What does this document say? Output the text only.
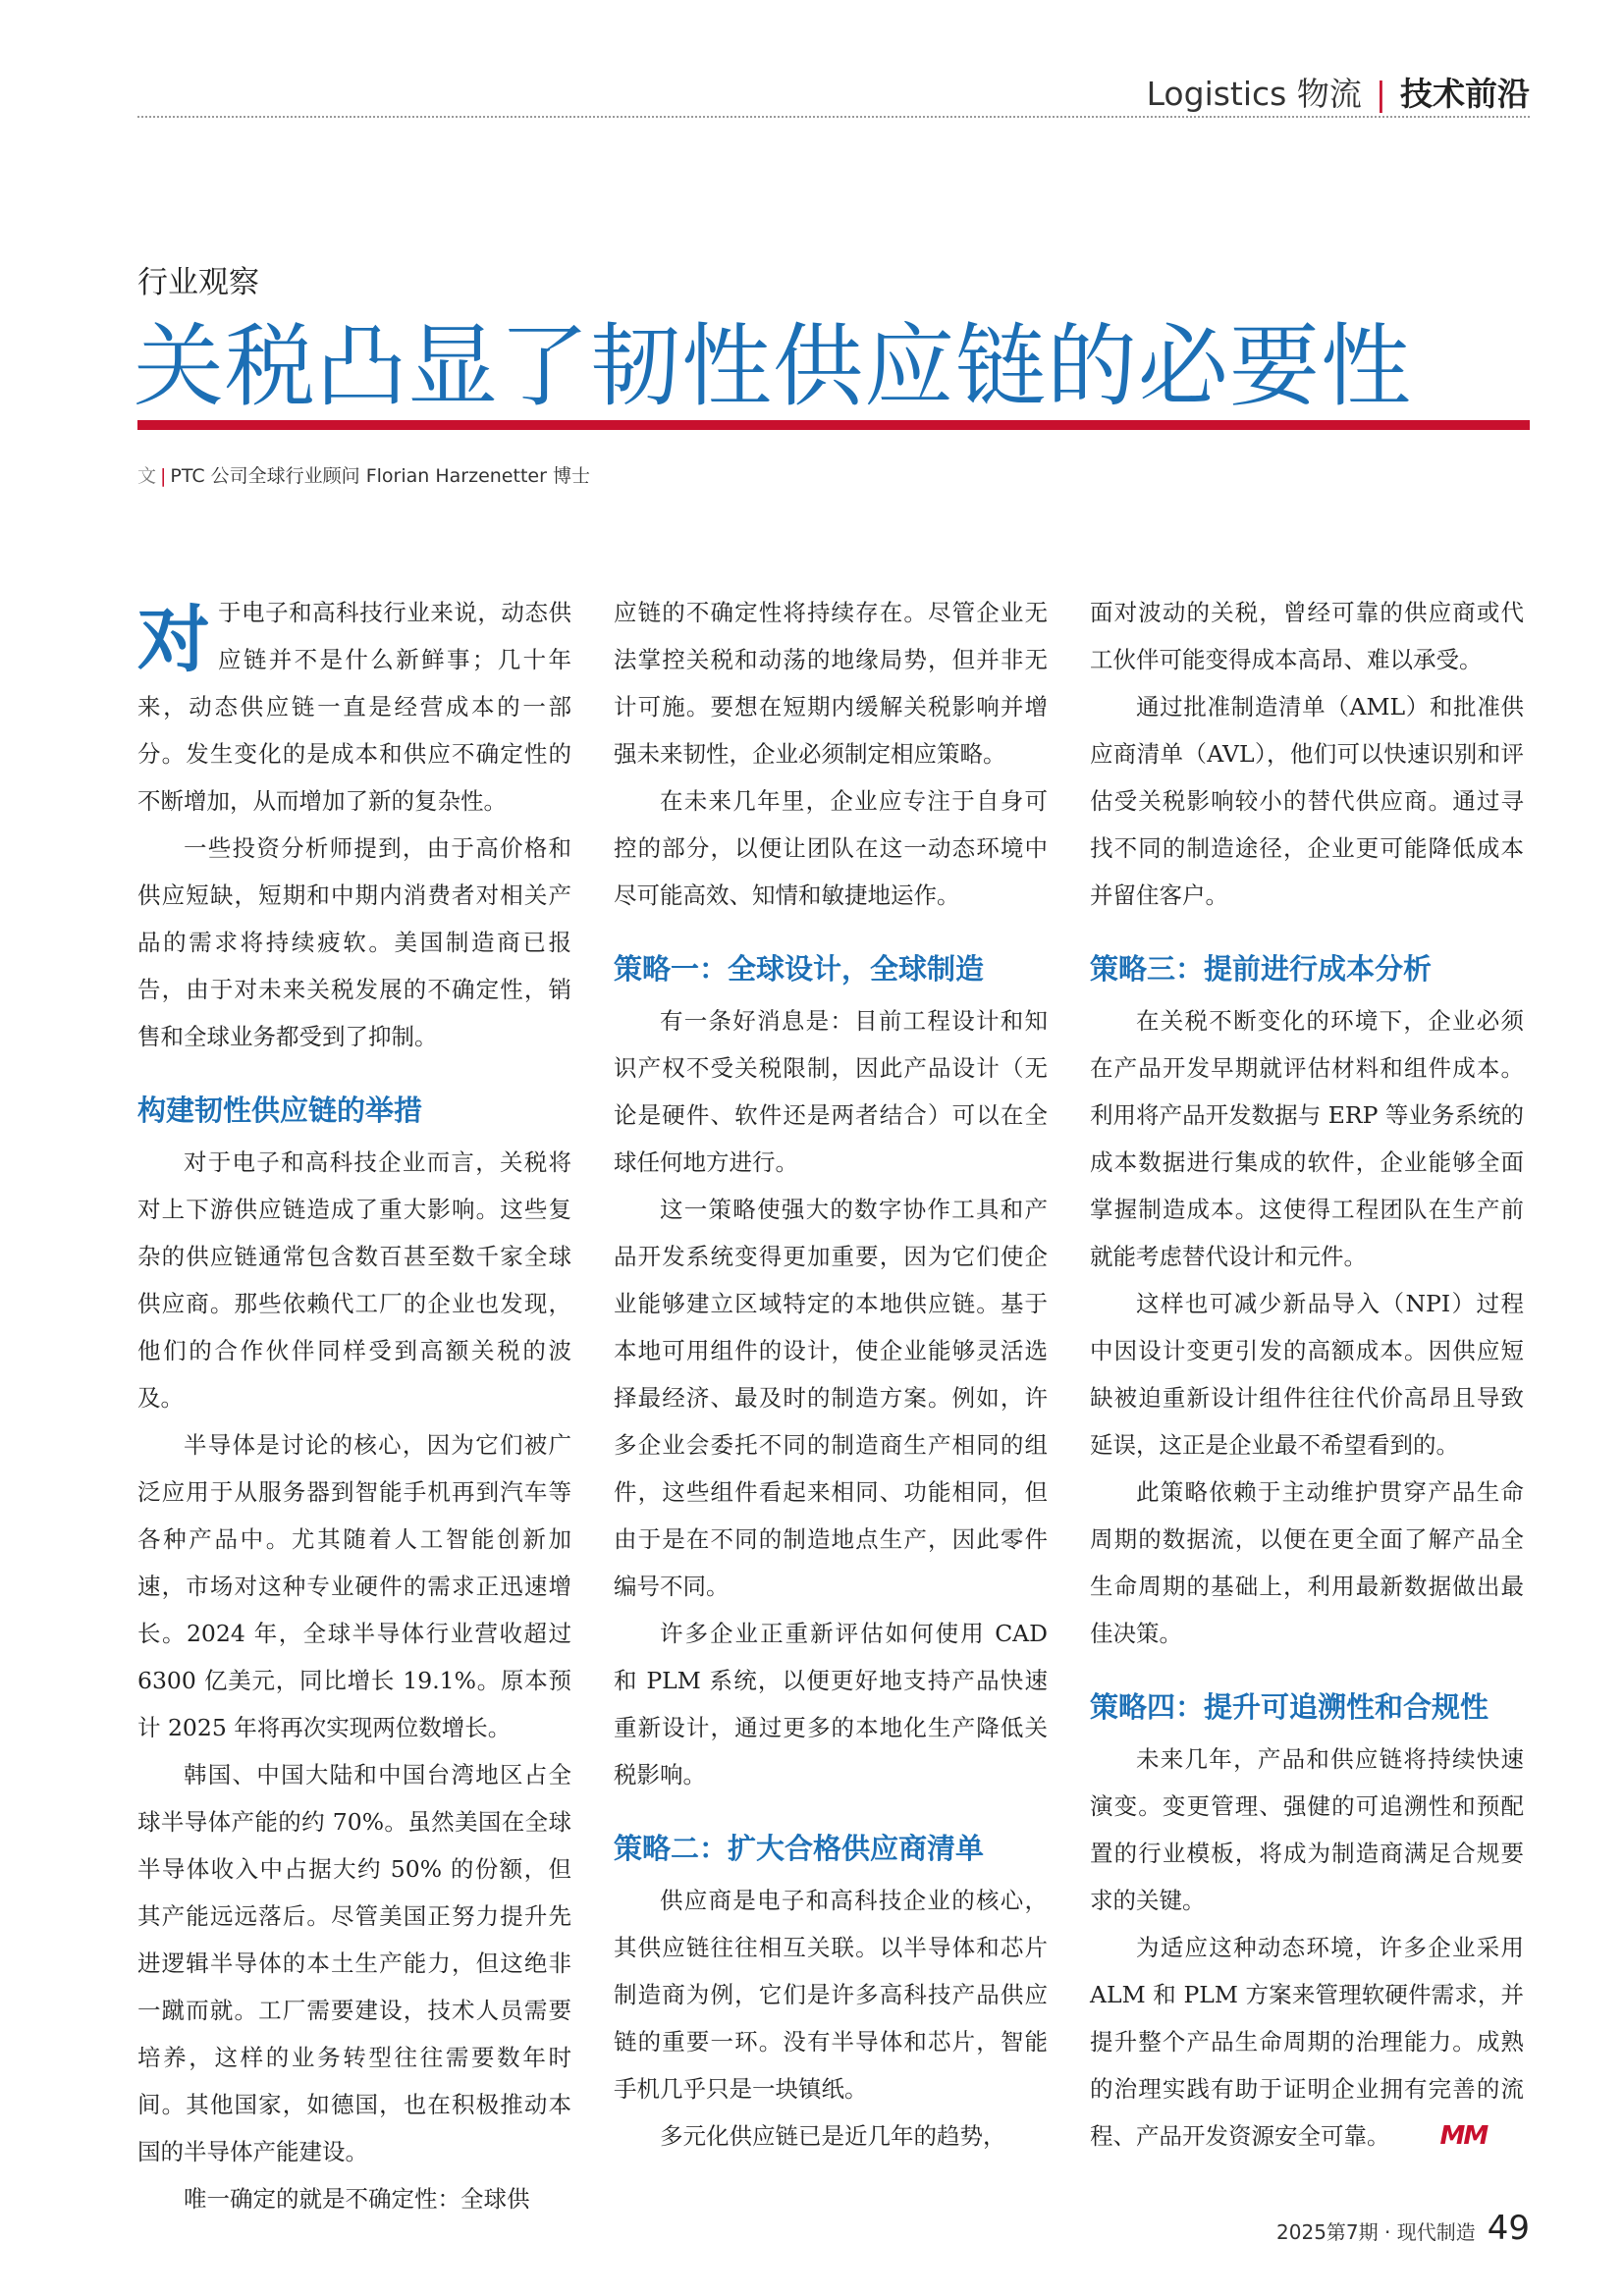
Logistics 物流 | 技术前沿
行业观察
关税凸显了韧性供应链的必要性
文 | PTC 公司全球行业顾问 Florian Harzenetter 博士

对于电子和高科技行业来说，动态供应链并不是什么新鲜事；几十年来，动态供应链一直是经营成本的一部分。发生变化的是成本和供应不确定性的不断增加，从而增加了新的复杂性。

一些投资分析师提到，由于高价格和供应短缺，短期和中期内消费者对相关产品的需求将持续疲软。美国制造商已报告，由于对未来关税发展的不确定性，销售和全球业务都受到了抑制。

构建韧性供应链的举措

对于电子和高科技企业而言，关税将对上下游供应链造成了重大影响。这些复杂的供应链通常包含数百甚至数千家全球供应商。那些依赖代工厂的企业也发现，他们的合作伙伴同样受到高额关税的波及。

半导体是讨论的核心，因为它们被广泛应用于从服务器到智能手机再到汽车等各种产品中。尤其随着人工智能创新加速，市场对这种专业硬件的需求正迅速增长。2024 年，全球半导体行业营收超过 6300 亿美元，同比增长 19.1%。原本预计 2025 年将再次实现两位数增长。

韩国、中国大陆和中国台湾地区占全球半导体产能的约 70%。虽然美国在全球半导体收入中占据大约 50% 的份额，但其产能远远落后。尽管美国正努力提升先进逻辑半导体的本土生产能力，但这绝非一蹴而就。工厂需要建设，技术人员需要培养，这样的业务转型往往需要数年时间。其他国家，如德国，也在积极推动本国的半导体产能建设。

唯一确定的就是不确定性：全球供

应链的不确定性将持续存在。尽管企业无法掌控关税和动荡的地缘局势，但并非无计可施。要想在短期内缓解关税影响并增强未来韧性，企业必须制定相应策略。

在未来几年里，企业应专注于自身可控的部分，以便让团队在这一动态环境中尽可能高效、知情和敏捷地运作。

策略一：全球设计，全球制造

有一条好消息是：目前工程设计和知识产权不受关税限制，因此产品设计（无论是硬件、软件还是两者结合）可以在全球任何地方进行。

这一策略使强大的数字协作工具和产品开发系统变得更加重要，因为它们使企业能够建立区域特定的本地供应链。基于本地可用组件的设计，使企业能够灵活选择最经济、最及时的制造方案。例如，许多企业会委托不同的制造商生产相同的组件，这些组件看起来相同、功能相同，但由于是在不同的制造地点生产，因此零件编号不同。

许多企业正重新评估如何使用 CAD 和 PLM 系统，以便更好地支持产品快速重新设计，通过更多的本地化生产降低关税影响。

策略二：扩大合格供应商清单

供应商是电子和高科技企业的核心，其供应链往往相互关联。以半导体和芯片制造商为例，它们是许多高科技产品供应链的重要一环。没有半导体和芯片，智能手机几乎只是一块镇纸。

多元化供应链已是近几年的趋势，

面对波动的关税，曾经可靠的供应商或代工伙伴可能变得成本高昂、难以承受。

通过批准制造清单（AML）和批准供应商清单（AVL），他们可以快速识别和评估受关税影响较小的替代供应商。通过寻找不同的制造途径，企业更可能降低成本并留住客户。

策略三：提前进行成本分析

在关税不断变化的环境下，企业必须在产品开发早期就评估材料和组件成本。利用将产品开发数据与 ERP 等业务系统的成本数据进行集成的软件，企业能够全面掌握制造成本。这使得工程团队在生产前就能考虑替代设计和元件。

这样也可减少新品导入（NPI）过程中因设计变更引发的高额成本。因供应短缺被迫重新设计组件往往代价高昂且导致延误，这正是企业最不希望看到的。

此策略依赖于主动维护贯穿产品生命周期的数据流，以便在更全面了解产品全生命周期的基础上，利用最新数据做出最佳决策。

策略四：提升可追溯性和合规性

未来几年，产品和供应链将持续快速演变。变更管理、强健的可追溯性和预配置的行业模板，将成为制造商满足合规要求的关键。

为适应这种动态环境，许多企业采用 ALM 和 PLM 方案来管理软硬件需求，并提升整个产品生命周期的治理能力。成熟的治理实践有助于证明企业拥有完善的流程、产品开发资源安全可靠。 MM

2025第7期 · 现代制造 49
